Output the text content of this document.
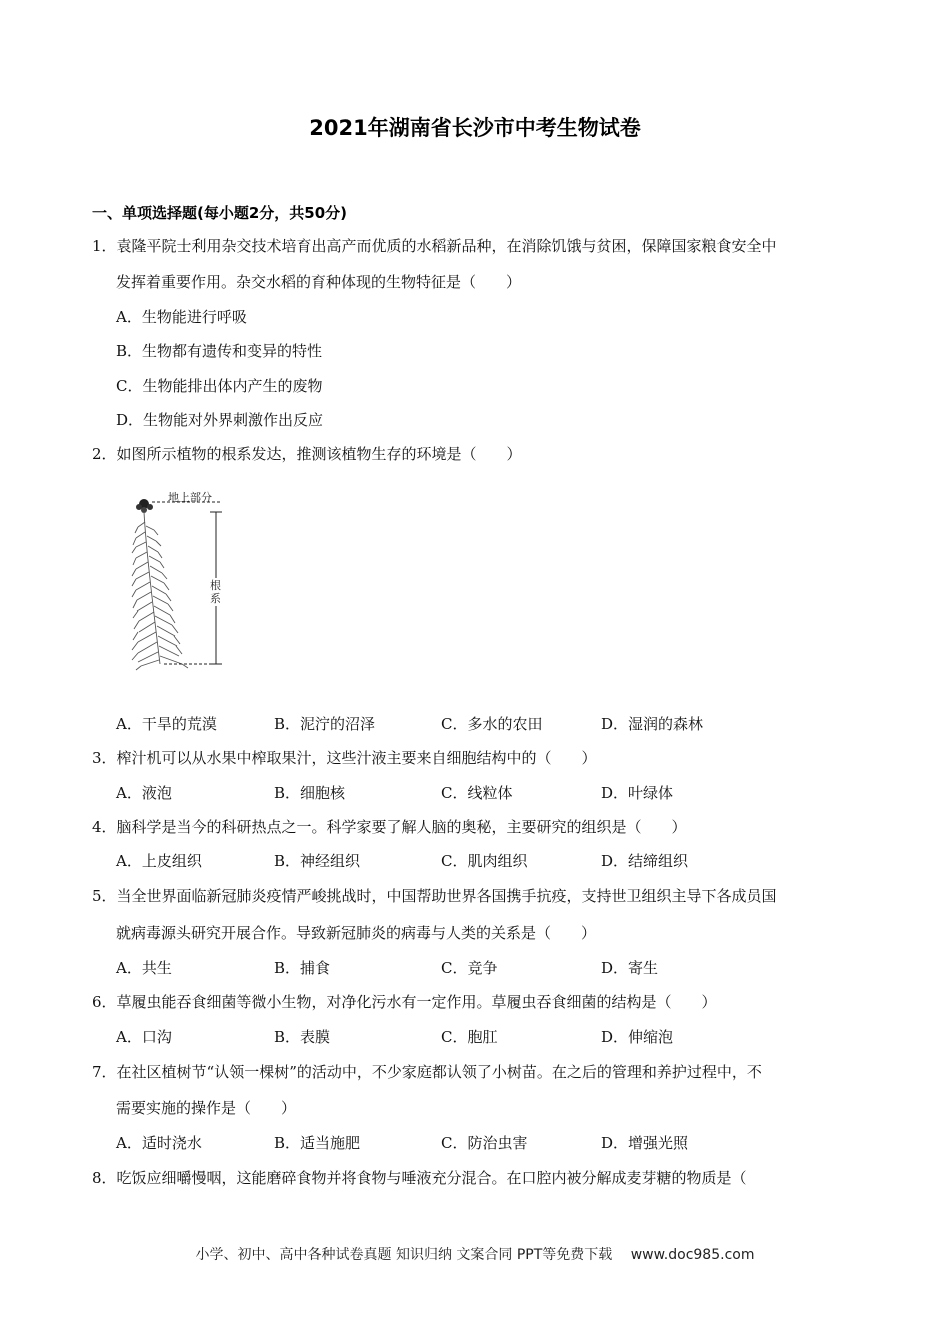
2021年湖南省长沙市中考生物试卷
一、单项选择题(每小题2分，共50分)
1．袁隆平院士利用杂交技术培育出高产而优质的水稻新品种，在消除饥饿与贫困，保障国家粮食安全中
发挥着重要作用。杂交水稻的育种体现的生物特征是（　　）
A．生物能进行呼吸
B．生物都有遗传和变异的特性
C．生物能排出体内产生的废物
D．生物能对外界刺激作出反应
2．如图所示植物的根系发达，推测该植物生存的环境是（　　）
地上部分
根系
A．干旱的荒漠	B．泥泞的沼泽	C．多水的农田	D．湿润的森林
3．榨汁机可以从水果中榨取果汁，这些汁液主要来自细胞结构中的（　　）
A．液泡	B．细胞核	C．线粒体	D．叶绿体
4．脑科学是当今的科研热点之一。科学家要了解人脑的奥秘，主要研究的组织是（　　）
A．上皮组织	B．神经组织	C．肌肉组织	D．结缔组织
5．当全世界面临新冠肺炎疫情严峻挑战时，中国帮助世界各国携手抗疫，支持世卫组织主导下各成员国
就病毒源头研究开展合作。导致新冠肺炎的病毒与人类的关系是（　　）
A．共生	B．捕食	C．竞争	D．寄生
6．草履虫能吞食细菌等微小生物，对净化污水有一定作用。草履虫吞食细菌的结构是（　　）
A．口沟	B．表膜	C．胞肛	D．伸缩泡
7．在社区植树节“认领一棵树”的活动中，不少家庭都认领了小树苗。在之后的管理和养护过程中，不
需要实施的操作是（　　）
A．适时浇水	B．适当施肥	C．防治虫害	D．增强光照
8．吃饭应细嚼慢咽，这能磨碎食物并将食物与唾液充分混合。在口腔内被分解成麦芽糖的物质是（
小学、初中、高中各种试卷真题 知识归纳 文案合同 PPT等免费下载　 www.doc985.com
